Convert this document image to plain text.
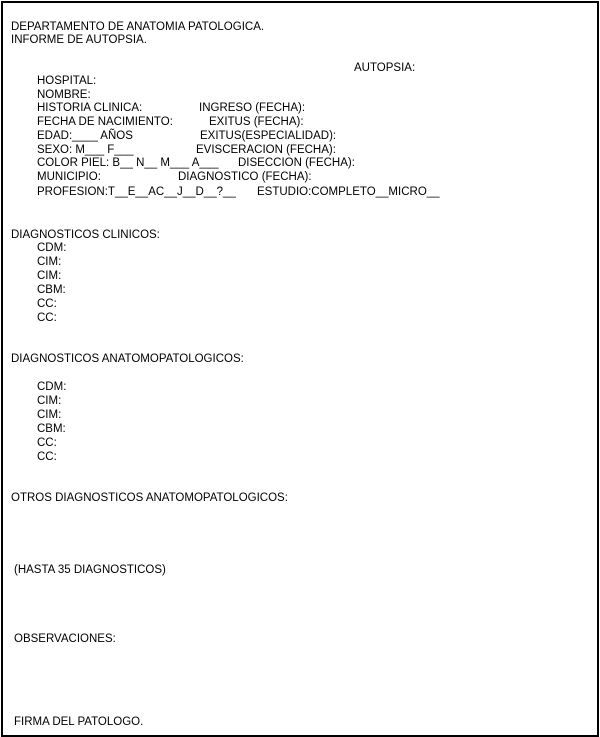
DEPARTAMENTO DE ANATOMIA PATOLOGICA.
INFORME DE AUTOPSIA.
AUTOPSIA:
HOSPITAL:
NOMBRE:
HISTORIA CLINICA:	INGRESO (FECHA):
FECHA DE NACIMIENTO:	EXITUS (FECHA):
EDAD:____ AÑOS	EXITUS(ESPECIALIDAD):
SEXO: M___ F___	EVISCERACION (FECHA):
COLOR PIEL: B__ N__ M___ A___ DISECCION (FECHA):
MUNICIPIO:	DIAGNOSTICO (FECHA):
PROFESION:T__E__AC__J__D__?__ ESTUDIO:COMPLETO__MICRO__
DIAGNOSTICOS CLINICOS:
CDM:
CIM:
CIM:
CBM:
CC:
CC:
DIAGNOSTICOS ANATOMOPATOLOGICOS:
CDM:
CIM:
CIM:
CBM:
CC:
CC:
OTROS DIAGNOSTICOS ANATOMOPATOLOGICOS:
(HASTA 35 DIAGNOSTICOS)
OBSERVACIONES:
FIRMA DEL PATOLOGO.
